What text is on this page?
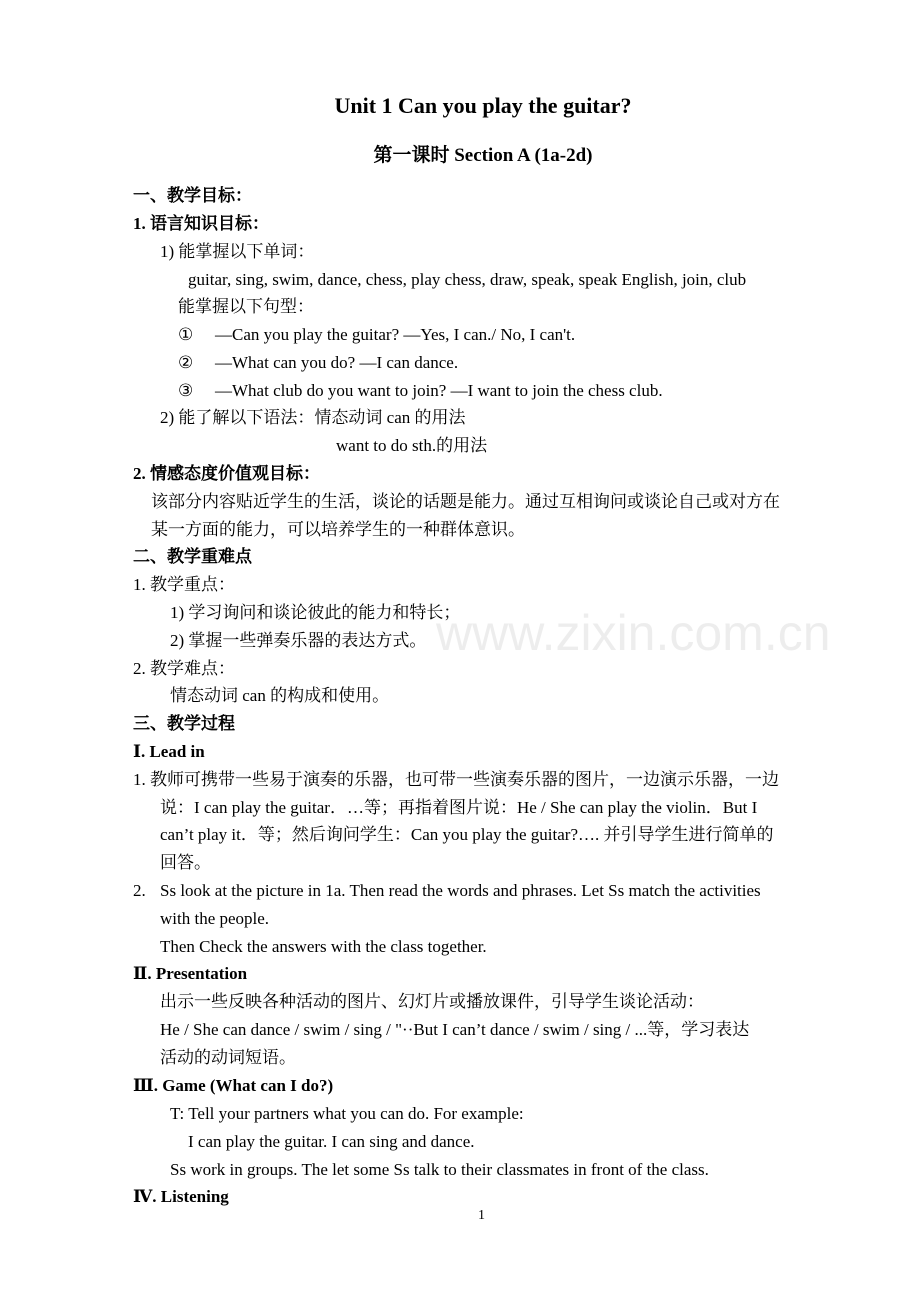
www.zixin.com.cn
Unit 1 Can you play the guitar?
第一课时 Section A (1a-2d)
一、教学目标：
1. 语言知识目标：
1) 能掌握以下单词：
guitar, sing, swim, dance, chess, play chess, draw, speak, speak English, join, club
能掌握以下句型：
① —Can you play the guitar? —Yes, I can./ No, I can't.
② —What can you do? —I can dance.
③ —What club do you want to join? —I want to join the chess club.
2) 能了解以下语法：情态动词 can 的用法
want to do sth.的用法
2. 情感态度价值观目标：
该部分内容贴近学生的生活，谈论的话题是能力。通过互相询问或谈论自己或对方在
某一方面的能力，可以培养学生的一种群体意识。
二、教学重难点
1. 教学重点：
1) 学习询问和谈论彼此的能力和特长；
2) 掌握一些弹奏乐器的表达方式。
2. 教学难点：
情态动词 can 的构成和使用。
三、教学过程
Ⅰ. Lead in
1. 教师可携带一些易于演奏的乐器，也可带一些演奏乐器的图片，一边演示乐器，一边
说：I can play the guitar．…等；再指着图片说：He / She can play the violin．But I
can’t play it．等；然后询问学生：Can you play the guitar?…. 并引导学生进行简单的
回答。
2. Ss look at the picture in 1a. Then read the words and phrases. Let Ss match the activities
with the people.
Then Check the answers with the class together.
Ⅱ. Presentation
出示一些反映各种活动的图片、幻灯片或播放课件，引导学生谈论活动：
He / She can dance / swim / sing / "··But I can’t dance / swim / sing / ...等，学习表达
活动的动词短语。
Ⅲ. Game (What can I do?)
T: Tell your partners what you can do. For example:
I can play the guitar. I can sing and dance.
Ss work in groups. The let some Ss talk to their classmates in front of the class.
Ⅳ. Listening
1
